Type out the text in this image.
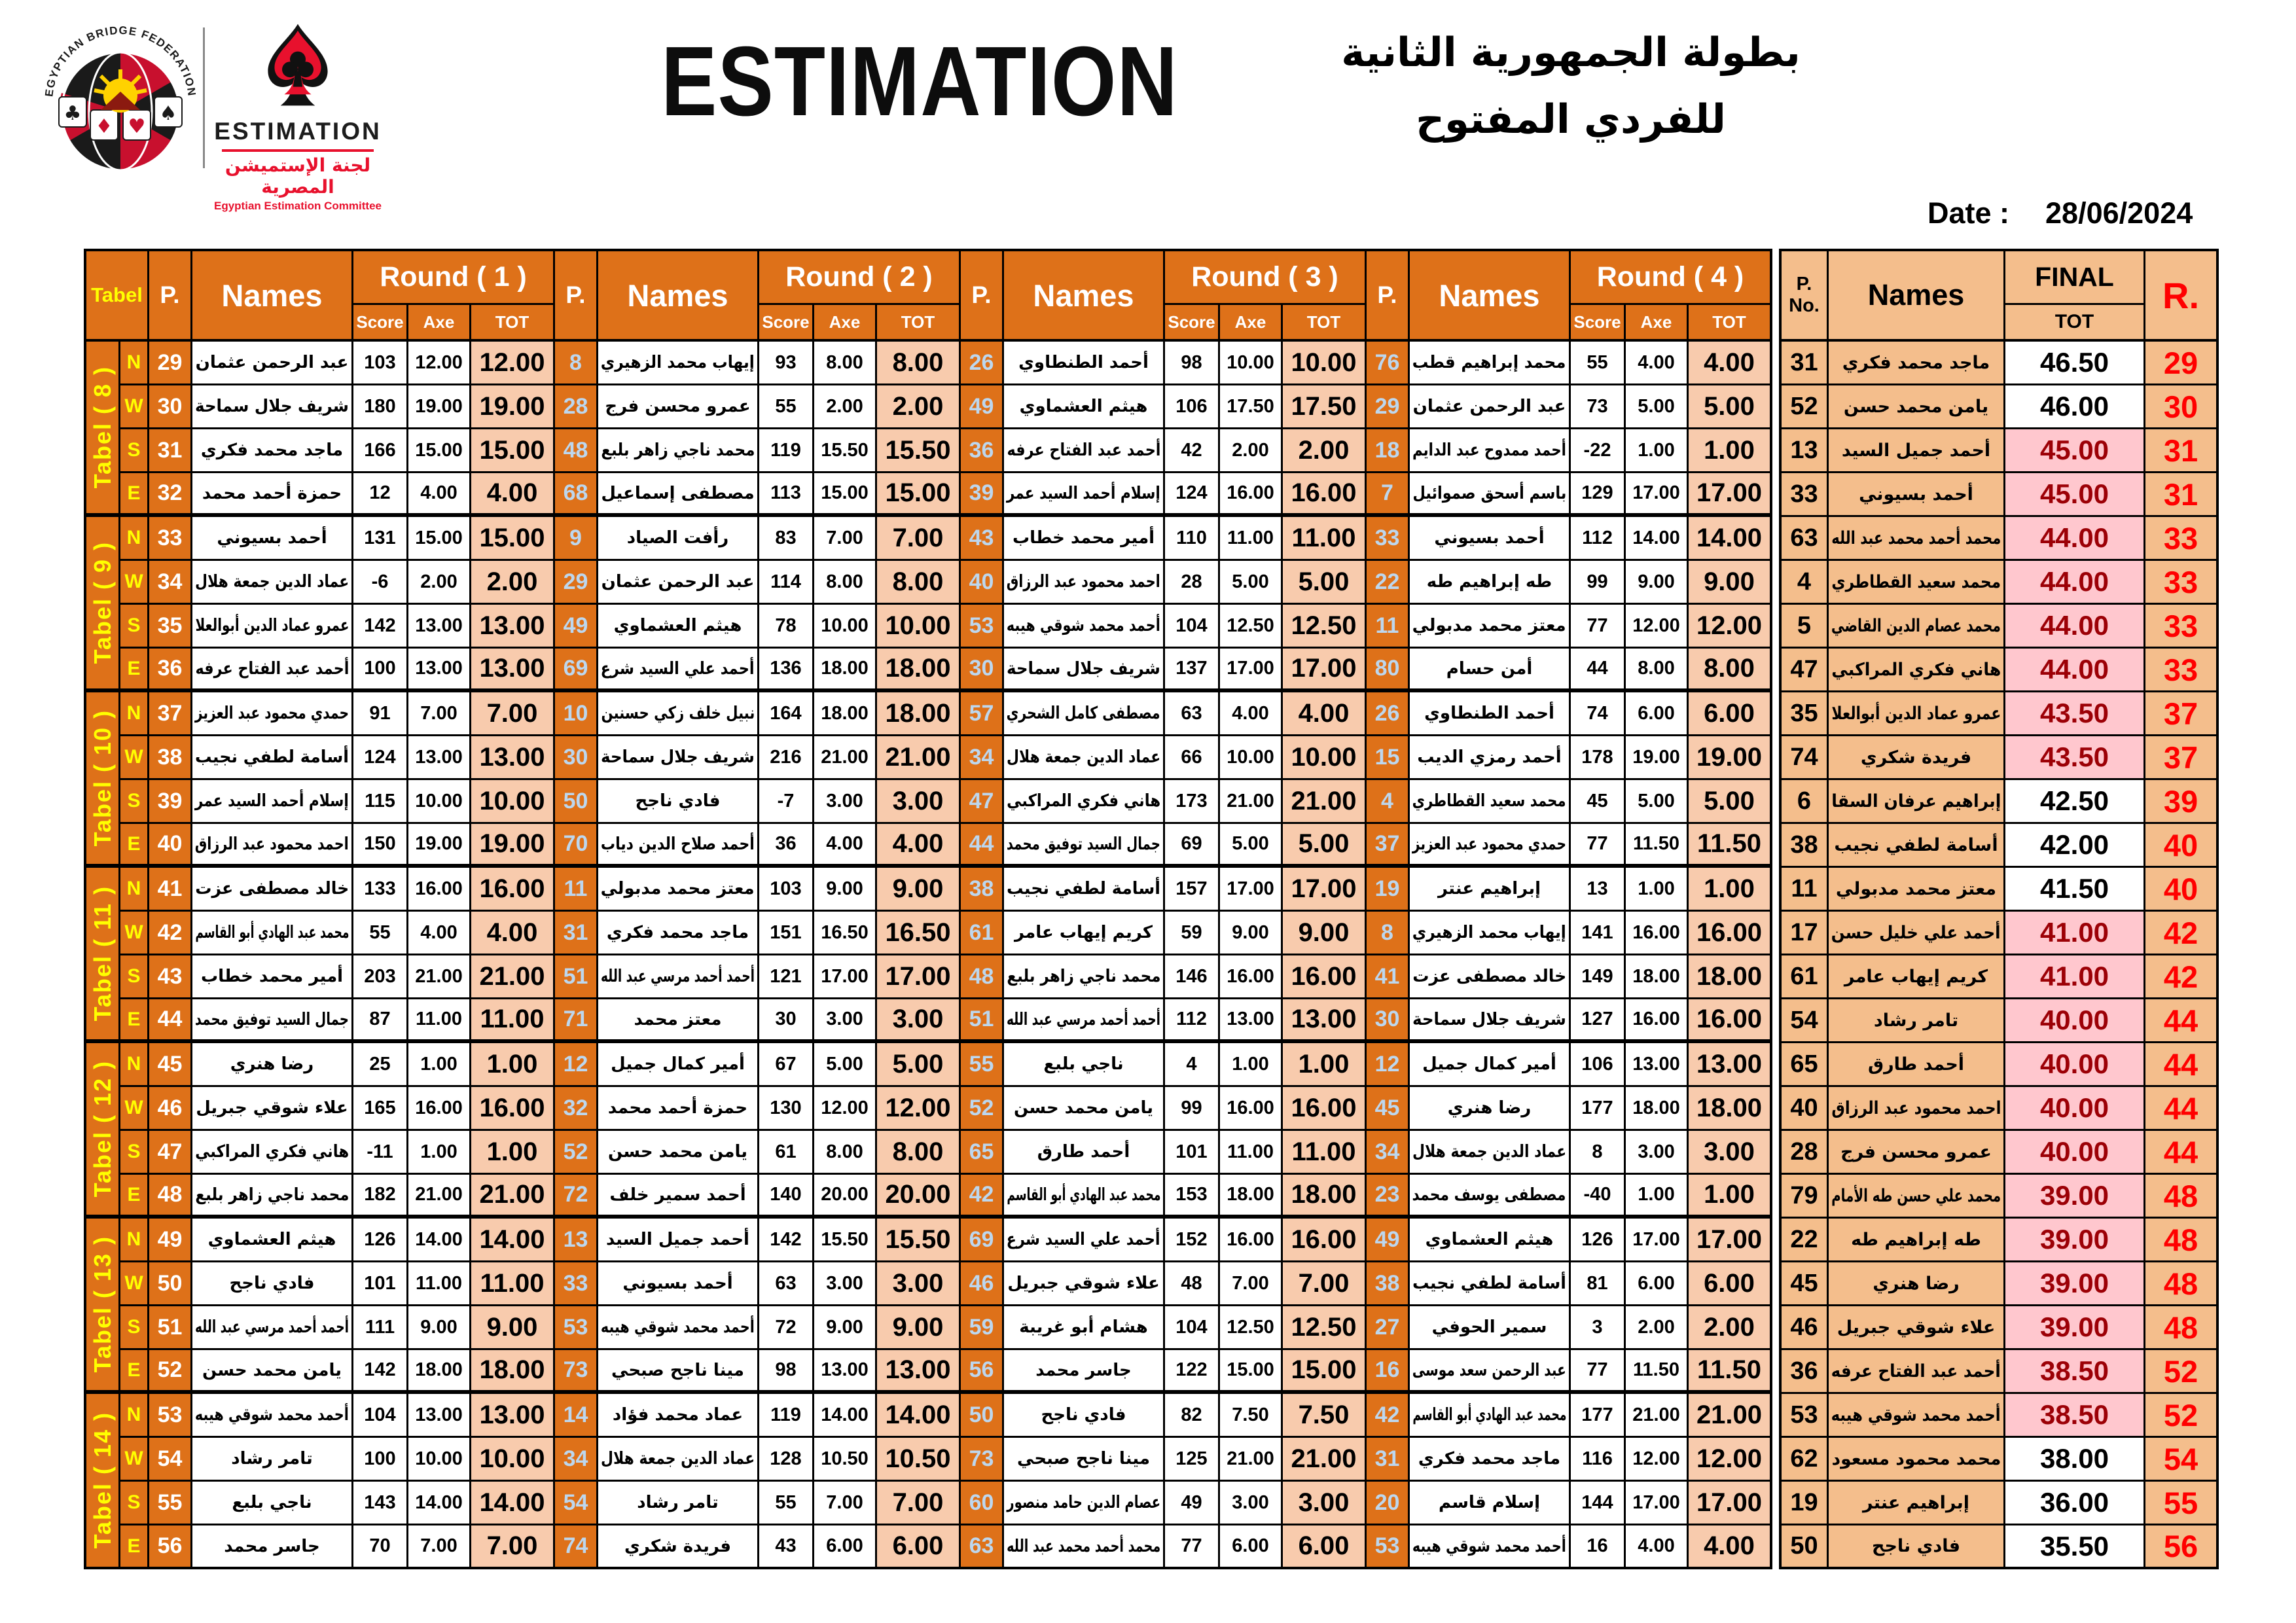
EGYPTIAN BRIDGE FEDERATION
♣	♠
♦ ♥	ESTIMATION
لجنة الإستميشن المصرية
Egyptian Estimation Committee
ESTIMATION	بطولة الجمهورية الثانية
للفردي المفتوح
Date : 28/06/2024
Tabel P.	Names
Round ( 1 )
Score	Axe	TOT
P.	Names
Round ( 2 )
Score	Axe	TOT
P.	Names
Round ( 3 )
Score	Axe	TOT
P.	Names
Round ( 4 )
Score	Axe	TOT
P.
No.	Names
FINAL
TOT
R.
Tabel ( 8 )
Tabel ( 9 )
Tabel ( 10 )
Tabel ( 11 )
Tabel ( 12 )
Tabel ( 13 )
Tabel ( 14 )
N 29 عبد الرحمن عثمان 103 12.00 12.00 8 إيهاب محمد الزهيري 93 8.00 8.00 26 أحمد الطنطاوي 98 10.00 10.00 76 محمد إبراهيم قطب 55 4.00 4.00 31 ماجد محمد فكري 46.50 29
W 30 شريف جلال سماحة 180 19.00 19.00 28 عمرو محسن فرج 55 2.00 2.00 49 هيثم العشماوي 106 17.50 17.50 29 عبد الرحمن عثمان 73 5.00 5.00 52 يامن محمد حسن 46.00 30
S 31 ماجد محمد فكري 166 15.00 15.00 48 محمد ناجي زاهر بلبع 119 15.50 15.50 36 أحمد عبد الفتاح عرفه 42 2.00 2.00 18 أحمد ممدوح عبد الدايم -22 1.00 1.00 13 أحمد جميل السيد 45.00 31
E 32 حمزة أحمد محمد 12 4.00 4.00 68 مصطفى إسماعيل 113 15.00 15.00 39 إسلام أحمد السيد عمر 124 16.00 16.00 7 باسم أسحق صموائيل 129 17.00 17.00 33 أحمد بسيوني 45.00 31
N 33 أحمد بسيوني 131 15.00 15.00 9	رأفت الصياد 83 7.00 7.00 43 أمير محمد خطاب 110 11.00 11.00 33 أحمد بسيوني 112 14.00 14.00 63 محمد أحمد محمد عبد الله 44.00 33
W 34 عماد الدين جمعة هلال -6 2.00 2.00 29 عبد الرحمن عثمان 114 8.00 8.00 40 احمد محمود عبد الرزاق 28 5.00 5.00 22 طه إبراهيم طه 99 9.00 9.00 4 محمد سعيد القطاطري 44.00 33
S 35 عمرو عماد الدين أبوالعلا 142 13.00 13.00 49 هيثم العشماوي 78 10.00 10.00 53 أحمد محمد شوقي هيبه 104 12.50 12.50 11 معتز محمد مدبولي 77 12.00 12.00 5 محمد عصام الدين القاضي 44.00 33
E 36 أحمد عبد الفتاح عرفه 100 13.00 13.00 69 أحمد علي السيد شرع 136 18.00 18.00 30 شريف جلال سماحة 137 17.00 17.00 80	أمن حسام	44 8.00 8.00 47 هاني فكري المراكبي 44.00 33
N 37 حمدي محمود عبد العزيز 91 7.00 7.00 10 نبيل خلف زكي حسنين 164 18.00 18.00 57 مصطفى كامل الشحري 63 4.00 4.00 26 أحمد الطنطاوي 74 6.00 6.00 35 عمرو عماد الدين أبوالعلا 43.50 37
W 38 أسامة لطفي نجيب 124 13.00 13.00 30 شريف جلال سماحة 216 21.00 21.00 34 عماد الدين جمعة هلال 66 10.00 10.00 15 أحمد رمزي الديب 178 19.00 19.00 74 فريدة شكري 43.50 37
S 39 إسلام أحمد السيد عمر 115 10.00 10.00 50	فادي ناجح	-7 3.00 3.00 47 هاني فكري المراكبي 173 21.00 21.00 4 محمد سعيد القطاطري 45 5.00 5.00 6 إبراهيم عرفان السقا 42.50 39
E 40 احمد محمود عبد الرزاق 150 19.00 19.00 70 أحمد صلاح الدين دياب 36 4.00 4.00 44 جمال السيد توفيق محمد 69 5.00 5.00 37 حمدي محمود عبد العزيز 77 11.50 11.50 38 أسامة لطفي نجيب 42.00 40
N 41 خالد مصطفى عزت 133 16.00 16.00 11 معتز محمد مدبولي 103 9.00 9.00 38 أسامة لطفي نجيب 157 17.00 17.00 19 إبراهيم عنتر 13 1.00 1.00 11 معتز محمد مدبولي 41.50 40
W 42 محمد عبد الهادي أبو القاسم 55 4.00 4.00 31 ماجد محمد فكري 151 16.50 16.50 61 كريم إيهاب عامر 59 9.00 9.00 8 إيهاب محمد الزهيري 141 16.00 16.00 17 أحمد علي خليل حسن 41.00 42
S 43 أمير محمد خطاب 203 21.00 21.00 51 أحمد أحمد مرسي عبد الله 121 17.00 17.00 48 محمد ناجي زاهر بلبع 146 16.00 16.00 41 خالد مصطفى عزت 149 18.00 18.00 61 كريم إيهاب عامر 41.00 42
E 44 جمال السيد توفيق محمد 87 11.00 11.00 71	معتز محمد	30 3.00 3.00 51 أحمد أحمد مرسي عبد الله 112 13.00 13.00 30 شريف جلال سماحة 127 16.00 16.00 54	تامر رشاد	40.00 44
N 45	رضا هنري	25 1.00 1.00 12 أمير كمال جميل 67 5.00 5.00 55	ناجي بلبع	4 1.00 1.00 12 أمير كمال جميل 106 13.00 13.00 65	أحمد طارق	40.00 44
W 46 علاء شوقي جبريل 165 16.00 16.00 32 حمزة أحمد محمد 130 12.00 12.00 52 يامن محمد حسن 99 16.00 16.00 45	رضا هنري	177 18.00 18.00 40 احمد محمود عبد الرزاق 40.00 44
S 47 هاني فكري المراكبي -11 1.00 1.00 52 يامن محمد حسن 61 8.00 8.00 65	أحمد طارق 101 11.00 11.00 34 عماد الدين جمعة هلال 8 3.00 3.00 28 عمرو محسن فرج 40.00 44
E 48 محمد ناجي زاهر بلبع 182 21.00 21.00 72 أحمد سمير خلف 140 20.00 20.00 42 محمد عبد الهادي أبو القاسم 153 18.00 18.00 23 مصطفى يوسف محمد -40 1.00 1.00 79 محمد علي حسن طه الأمام 39.00 48
N 49 هيثم العشماوي 126 14.00 14.00 13 أحمد جميل السيد 142 15.50 15.50 69 أحمد علي السيد شرع 152 16.00 16.00 49 هيثم العشماوي 126 17.00 17.00 22 طه إبراهيم طه 39.00 48
W 50	فادي ناجح	101 11.00 11.00 33 أحمد بسيوني 63 3.00 3.00 46 علاء شوقي جبريل 48 7.00 7.00 38 أسامة لطفي نجيب 81 6.00 6.00 45	رضا هنري	39.00 48
S 51 أحمد أحمد مرسي عبد الله 111 9.00 9.00 53 أحمد محمد شوقي هيبه 72 9.00 9.00 59 هشام أبو غريبة 104 12.50 12.50 27 سمير الحوفي 3 2.00 2.00 46 علاء شوقي جبريل 39.00 48
E 52 يامن محمد حسن 142 18.00 18.00 73 مينا ناجح صبحي 98 13.00 13.00 56 جاسر محمد 122 15.00 15.00 16 عبد الرحمن سعد موسى 77 11.50 11.50 36 أحمد عبد الفتاح عرفه 38.50 52
N 53 أحمد محمد شوقي هيبه 104 13.00 13.00 14 عماد محمد فؤاد 119 14.00 14.00 50	فادي ناجح	82 7.50 7.50 42 محمد عبد الهادي أبو القاسم 177 21.00 21.00 53 أحمد محمد شوقي هيبه 38.50 52
W 54	تامر رشاد	100 10.00 10.00 34 عماد الدين جمعة هلال 128 10.50 10.50 73 مينا ناجح صبحي 125 21.00 21.00 31 ماجد محمد فكري 116 12.00 12.00 62 محمد محمود مسعود 38.00 54
S 55	ناجي بلبع	143 14.00 14.00 54	تامر رشاد	55 7.00 7.00 60 عصام الدين حامد منصور 49 3.00 3.00 20 إسلام قاسم 144 17.00 17.00 19	إبراهيم عنتر	36.00 55
E 56 جاسر محمد	70 7.00 7.00 74 فريدة شكري 43 6.00 6.00 63 محمد أحمد محمد عبد الله 77 6.00 6.00 53 أحمد محمد شوقي هيبه 16 4.00 4.00 50	فادي ناجح	35.50 56
